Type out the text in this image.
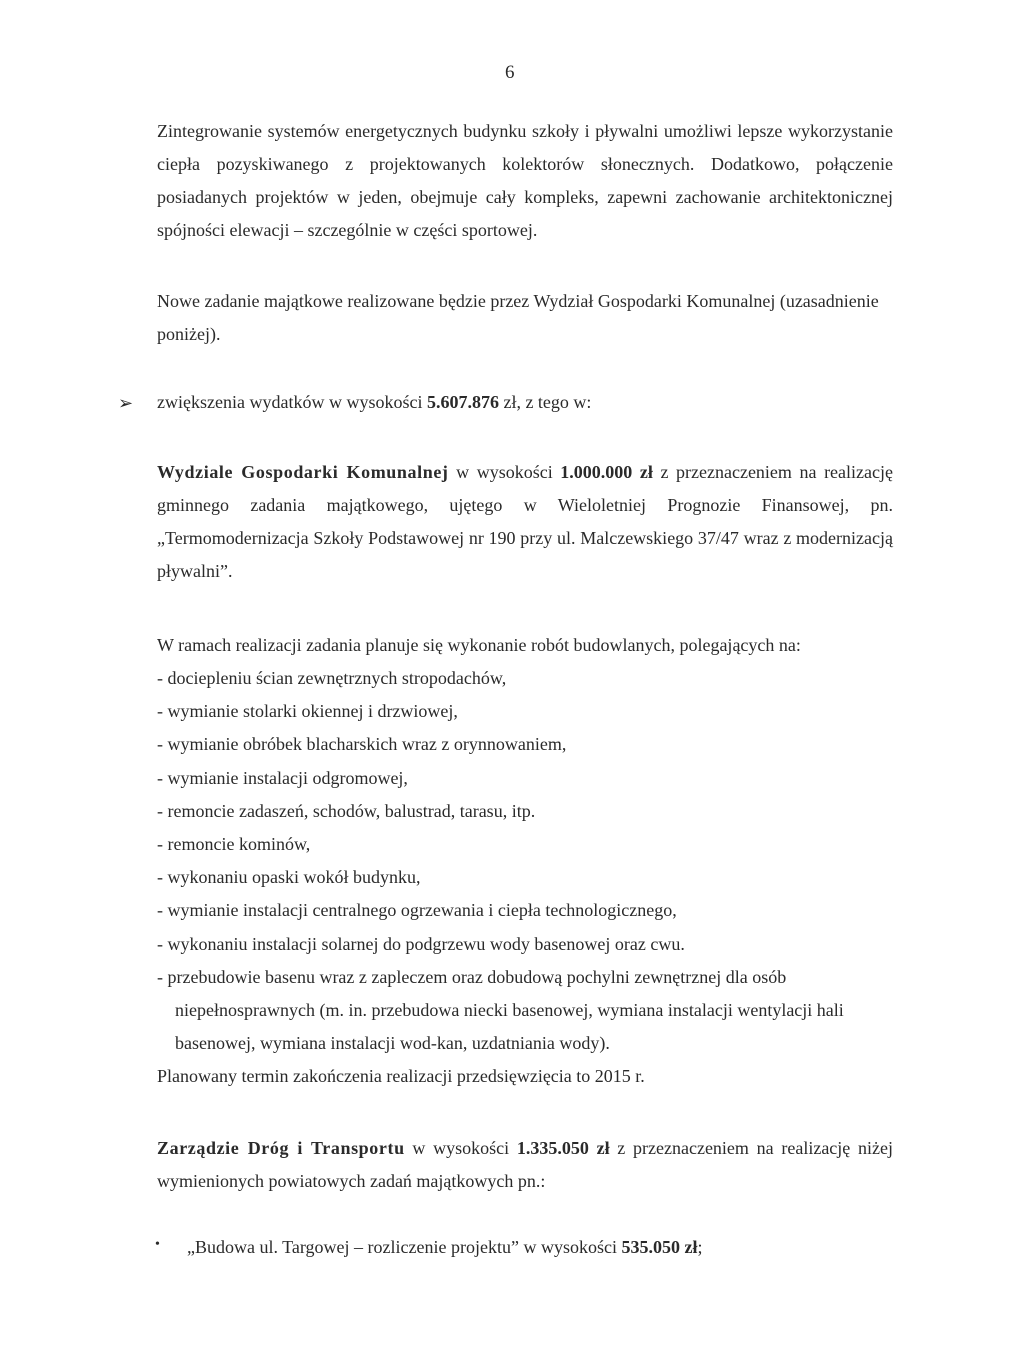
6

Zintegrowanie systemów energetycznych budynku szkoły i pływalni umożliwi lepsze wykorzystanie ciepła pozyskiwanego z projektowanych kolektorów słonecznych. Dodatkowo, połączenie posiadanych projektów w jeden, obejmuje cały kompleks, zapewni zachowanie architektonicznej spójności elewacji – szczególnie w części sportowej.

Nowe zadanie majątkowe realizowane będzie przez Wydział Gospodarki Komunalnej (uzasadnienie poniżej).

➢ zwiększenia wydatków w wysokości 5.607.876 zł, z tego w:

Wydziale Gospodarki Komunalnej w wysokości 1.000.000 zł z przeznaczeniem na realizację gminnego zadania majątkowego, ujętego w Wieloletniej Prognozie Finansowej, pn. „Termomodernizacja Szkoły Podstawowej nr 190 przy ul. Malczewskiego 37/47 wraz z modernizacją pływalni”.

W ramach realizacji zadania planuje się wykonanie robót budowlanych, polegających na:

- dociepleniu ścian zewnętrznych stropodachów,
- wymianie stolarki okiennej i drzwiowej,
- wymianie obróbek blacharskich wraz z orynnowaniem,
- wymianie instalacji odgromowej,
- remoncie zadaszeń, schodów, balustrad, tarasu, itp.
- remoncie kominów,
- wykonaniu opaski wokół budynku,
- wymianie instalacji centralnego ogrzewania i ciepła technologicznego,
- wykonaniu instalacji solarnej do podgrzewu wody basenowej oraz cwu.
- przebudowie basenu wraz z zapleczem oraz dobudową pochylni zewnętrznej dla osób
niepełnosprawnych (m. in. przebudowa niecki basenowej, wymiana instalacji wentylacji hali basenowej, wymiana instalacji wod-kan, uzdatniania wody).
Planowany termin zakończenia realizacji przedsięwzięcia to 2015 r.

Zarządzie Dróg i Transportu w wysokości 1.335.050 zł z przeznaczeniem na realizację niżej wymienionych powiatowych zadań majątkowych pn.:

• „Budowa ul. Targowej – rozliczenie projektu” w wysokości 535.050 zł;
